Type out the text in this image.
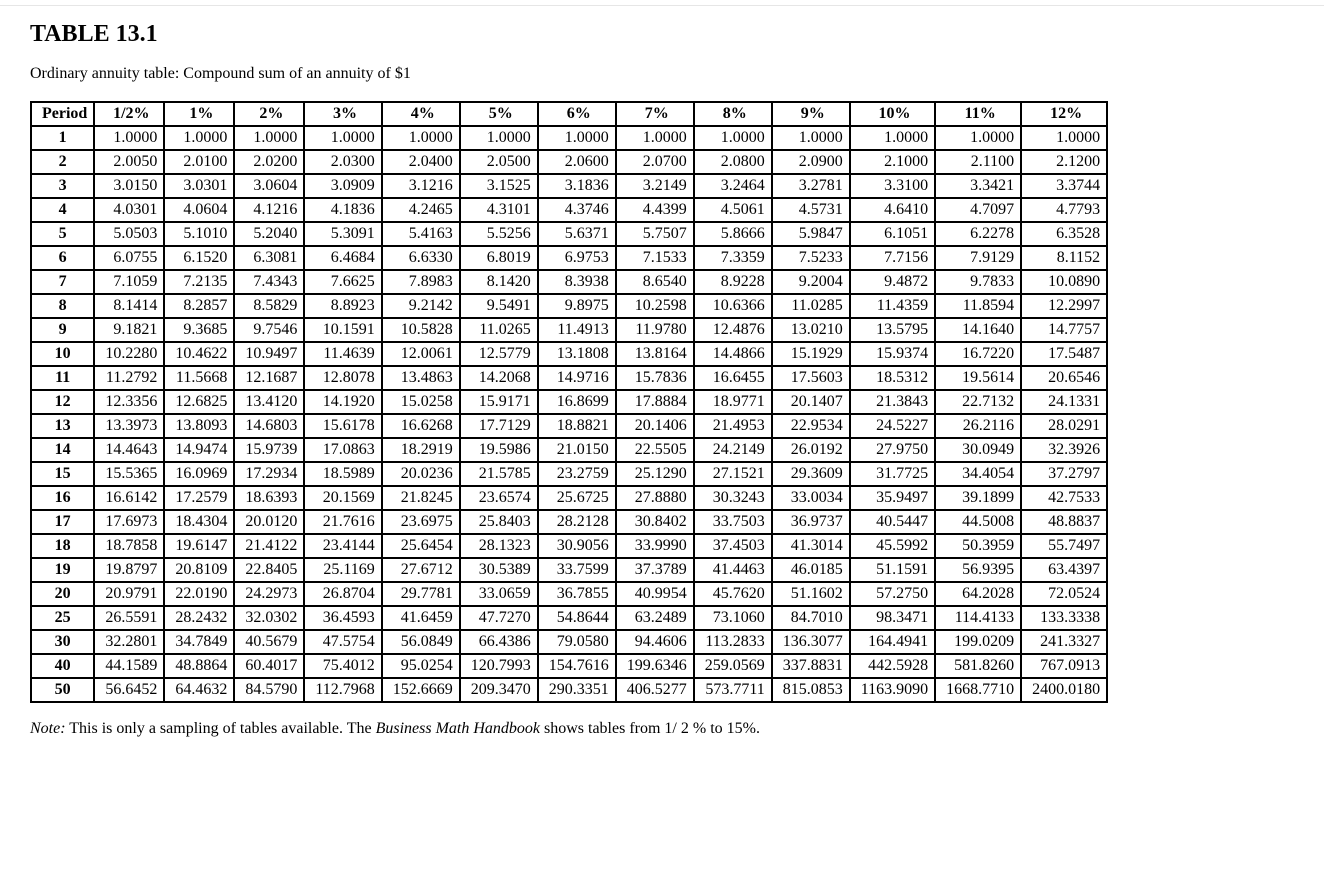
TABLE 13.1
Ordinary annuity table: Compound sum of an annuity of $1
Period	1/2%	1%	2%	3%	4%	5%	6%	7%	8%	9%	10%	11%	12%
1	1.0000	1.0000	1.0000	1.0000	1.0000	1.0000	1.0000	1.0000	1.0000	1.0000	1.0000	1.0000	1.0000
2	2.0050	2.0100	2.0200	2.0300	2.0400	2.0500	2.0600	2.0700	2.0800	2.0900	2.1000	2.1100	2.1200
3	3.0150	3.0301	3.0604	3.0909	3.1216	3.1525	3.1836	3.2149	3.2464	3.2781	3.3100	3.3421	3.3744
4	4.0301	4.0604	4.1216	4.1836	4.2465	4.3101	4.3746	4.4399	4.5061	4.5731	4.6410	4.7097	4.7793
5	5.0503	5.1010	5.2040	5.3091	5.4163	5.5256	5.6371	5.7507	5.8666	5.9847	6.1051	6.2278	6.3528
6	6.0755	6.1520	6.3081	6.4684	6.6330	6.8019	6.9753	7.1533	7.3359	7.5233	7.7156	7.9129	8.1152
7	7.1059	7.2135	7.4343	7.6625	7.8983	8.1420	8.3938	8.6540	8.9228	9.2004	9.4872	9.7833	10.0890
8	8.1414	8.2857	8.5829	8.8923	9.2142	9.5491	9.8975	10.2598	10.6366	11.0285	11.4359	11.8594	12.2997
9	9.1821	9.3685	9.7546	10.1591	10.5828	11.0265	11.4913	11.9780	12.4876	13.0210	13.5795	14.1640	14.7757
10	10.2280	10.4622	10.9497	11.4639	12.0061	12.5779	13.1808	13.8164	14.4866	15.1929	15.9374	16.7220	17.5487
11	11.2792	11.5668	12.1687	12.8078	13.4863	14.2068	14.9716	15.7836	16.6455	17.5603	18.5312	19.5614	20.6546
12	12.3356	12.6825	13.4120	14.1920	15.0258	15.9171	16.8699	17.8884	18.9771	20.1407	21.3843	22.7132	24.1331
13	13.3973	13.8093	14.6803	15.6178	16.6268	17.7129	18.8821	20.1406	21.4953	22.9534	24.5227	26.2116	28.0291
14	14.4643	14.9474	15.9739	17.0863	18.2919	19.5986	21.0150	22.5505	24.2149	26.0192	27.9750	30.0949	32.3926
15	15.5365	16.0969	17.2934	18.5989	20.0236	21.5785	23.2759	25.1290	27.1521	29.3609	31.7725	34.4054	37.2797
16	16.6142	17.2579	18.6393	20.1569	21.8245	23.6574	25.6725	27.8880	30.3243	33.0034	35.9497	39.1899	42.7533
17	17.6973	18.4304	20.0120	21.7616	23.6975	25.8403	28.2128	30.8402	33.7503	36.9737	40.5447	44.5008	48.8837
18	18.7858	19.6147	21.4122	23.4144	25.6454	28.1323	30.9056	33.9990	37.4503	41.3014	45.5992	50.3959	55.7497
19	19.8797	20.8109	22.8405	25.1169	27.6712	30.5389	33.7599	37.3789	41.4463	46.0185	51.1591	56.9395	63.4397
20	20.9791	22.0190	24.2973	26.8704	29.7781	33.0659	36.7855	40.9954	45.7620	51.1602	57.2750	64.2028	72.0524
25	26.5591	28.2432	32.0302	36.4593	41.6459	47.7270	54.8644	63.2489	73.1060	84.7010	98.3471	114.4133	133.3338
30	32.2801	34.7849	40.5679	47.5754	56.0849	66.4386	79.0580	94.4606	113.2833	136.3077	164.4941	199.0209	241.3327
40	44.1589	48.8864	60.4017	75.4012	95.0254	120.7993	154.7616	199.6346	259.0569	337.8831	442.5928	581.8260	767.0913
50	56.6452	64.4632	84.5790	112.7968	152.6669	209.3470	290.3351	406.5277	573.7711	815.0853	1163.9090	1668.7710	2400.0180
Note: This is only a sampling of tables available. The Business Math Handbook shows tables from 1/ 2 % to 15%.
